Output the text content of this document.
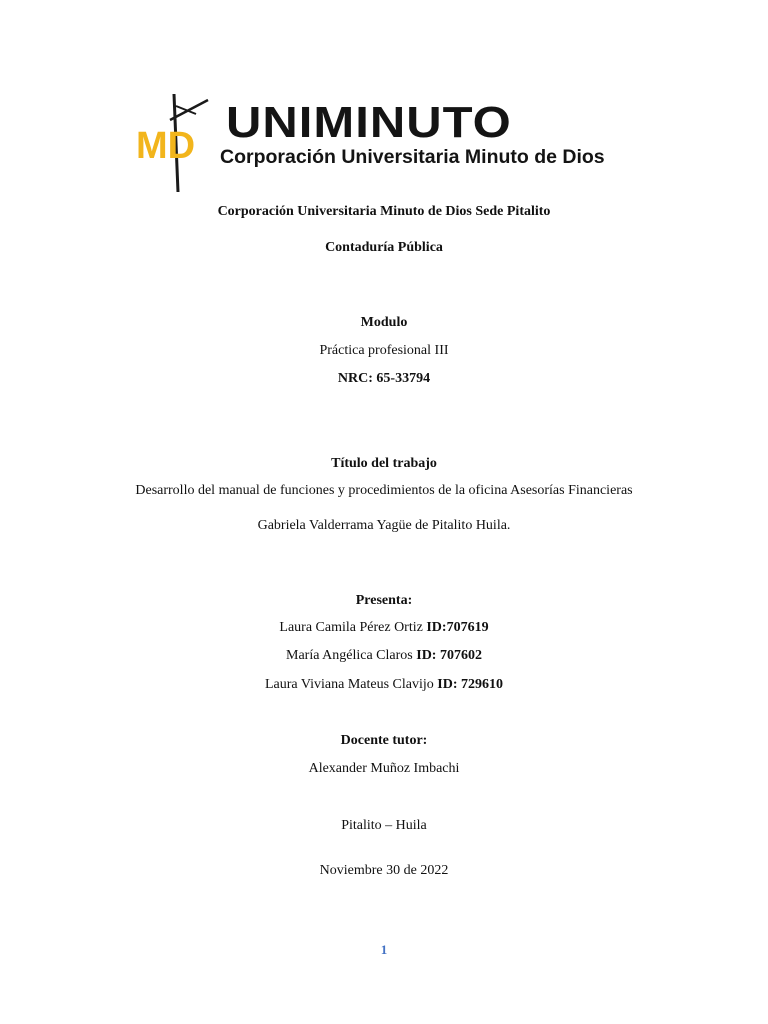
MD UNIMINUTO
Corporación Universitaria Minuto de Dios
Corporación Universitaria Minuto de Dios Sede Pitalito
Contaduría Pública
Modulo
Práctica profesional III
NRC: 65-33794
Título del trabajo
Desarrollo del manual de funciones y procedimientos de la oficina Asesorías Financieras
Gabriela Valderrama Yagüe de Pitalito Huila.
Presenta:
Laura Camila Pérez Ortiz ID:707619
María Angélica Claros ID: 707602
Laura Viviana Mateus Clavijo ID: 729610
Docente tutor:
Alexander Muñoz Imbachi
Pitalito – Huila
Noviembre 30 de 2022
1
